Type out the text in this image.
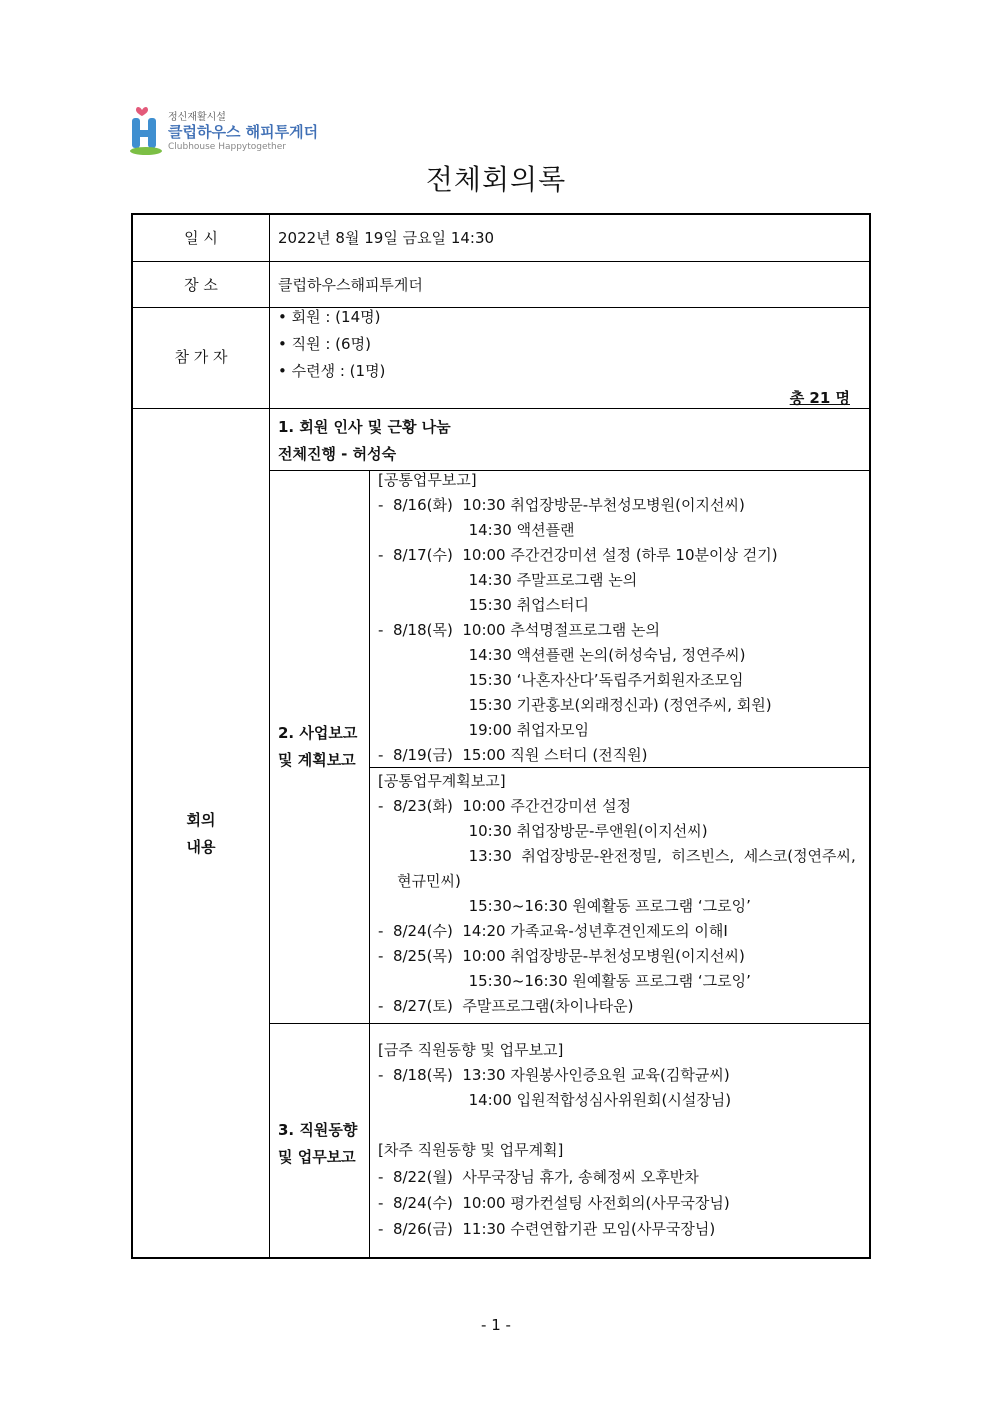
정신재활시설
클럽하우스 해피투게더
Clubhouse Happytogether
전체회의록
일 시	2022년 8월 19일 금요일 14:30
장 소	클럽하우스해피투게더
참 가 자
• 회원 : (14명)
• 직원 : (6명)
• 수련생 : (1명)
총 21 명
회의
내용
1. 회원 인사 및 근황 나눔
전체진행 - 허성숙
2. 사업보고
및 계획보고
[공통업무보고]
-  8/16(화)  10:30 취업장방문-부천성모병원(이지선씨)
14:30 액션플랜
-  8/17(수)  10:00 주간건강미션 설정 (하루 10분이상 걷기)
14:30 주말프로그램 논의
15:30 취업스터디
-  8/18(목)  10:00 추석명절프로그램 논의
14:30 액션플랜 논의(허성숙님, 정연주씨)
15:30 ‘나혼자산다’독립주거회원자조모임
15:30 기관홍보(외래정신과) (정연주씨, 회원)
19:00 취업자모임
-  8/19(금)  15:00 직원 스터디 (전직원)
[공통업무계획보고]
-  8/23(화)  10:00 주간건강미션 설정
10:30 취업장방문-루앤원(이지선씨)
13:30  취업장방문-완전정밀,  히즈빈스,  세스코(정연주씨,
현규민씨)
15:30~16:30 원예활동 프로그램 ‘그로잉’
-  8/24(수)  14:20 가족교육-성년후견인제도의 이해Ⅰ
-  8/25(목)  10:00 취업장방문-부천성모병원(이지선씨)
15:30~16:30 원예활동 프로그램 ‘그로잉’
-  8/27(토)  주말프로그램(차이나타운)
3. 직원동향
및 업무보고
[금주 직원동향 및 업무보고]
-  8/18(목)  13:30 자원봉사인증요원 교육(김학균씨)
14:00 입원적합성심사위원회(시설장님)
[차주 직원동향 및 업무계획]
-  8/22(월)  사무국장님 휴가, 송혜정씨 오후반차
-  8/24(수)  10:00 평가컨설팅 사전회의(사무국장님)
-  8/26(금)  11:30 수련연합기관 모임(사무국장님)
- 1 -
